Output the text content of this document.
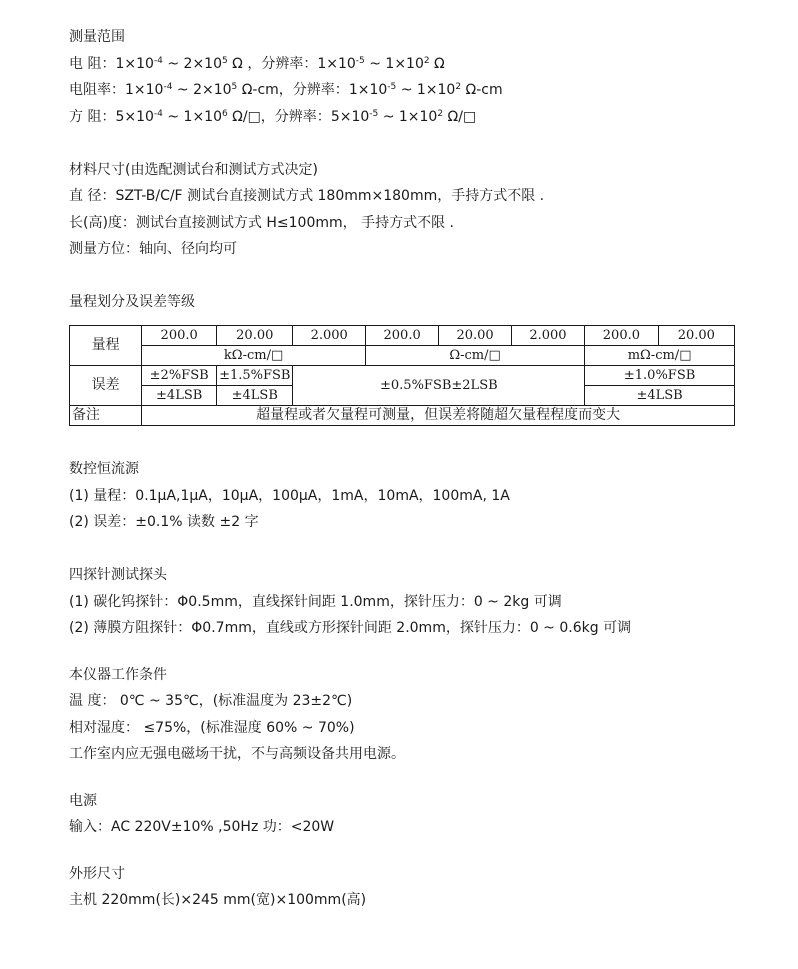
测量范围
电 阻：$1\times 10^{-4}$ ~ $2\times 10^5$ Ω ，分辨率：$1\times 10^{-5}$ ~ $1\times 10^2$ Ω
电阻率：$1\times 10^{-4}$ ~ $2\times 10^5$ Ω-cm，分辨率：$1\times 10^{-5}$ ~ $1\times 10^2$ Ω-cm
方 阻：$5\times 10^{-4}$ ~ $1\times 10^6$ Ω/□，分辨率：$5\times 10^{-5}$ ~ $1\times 10^2$ Ω/□
材料尺寸(由选配测试台和测试方式决定)
直 径：SZT-B/C/F 测试台直接测试方式 180mm×180mm，手持方式不限 .
长(高)度：测试台直接测试方式 H≤100mm， 手持方式不限 .
测量方位：轴向、径向均可
量程划分及误差等级
量程	200.0	20.00	2.000	200.0	20.00	2.000	200.0	20.00
	kΩ-cm/□			Ω-cm/□			mΩ-cm/□	
误差	±2%FSB	±1.5%FSB	±0.5%FSB±2LSB				±1.0%FSB	
	±4LSB	±4LSB					±4LSB	
备注	超量程或者欠量程可测量，但误差将随超欠量程程度而变大							
数控恒流源
(1) 量程：0.1μA,1μA，10μA，100μA，1mA，10mA，100mA, 1A
(2) 误差：±0.1% 读数 ±2 字
四探针测试探头
(1) 碳化钨探针：Φ0.5mm，直线探针间距 1.0mm，探针压力：0 ~ 2kg 可调
(2) 薄膜方阻探针：Φ0.7mm，直线或方形探针间距 2.0mm，探针压力：0 ~ 0.6kg 可调
本仪器工作条件
温 度： 0℃ ~ 35℃，(标准温度为 23±2℃)
相对湿度： ≤75%，(标准湿度 60% ~ 70%)
工作室内应无强电磁场干扰，不与高频设备共用电源。
电源
输入：AC 220V±10% ,50Hz 功：<20W
外形尺寸
主机 220mm(长)×245 mm(宽)×100mm(高)
